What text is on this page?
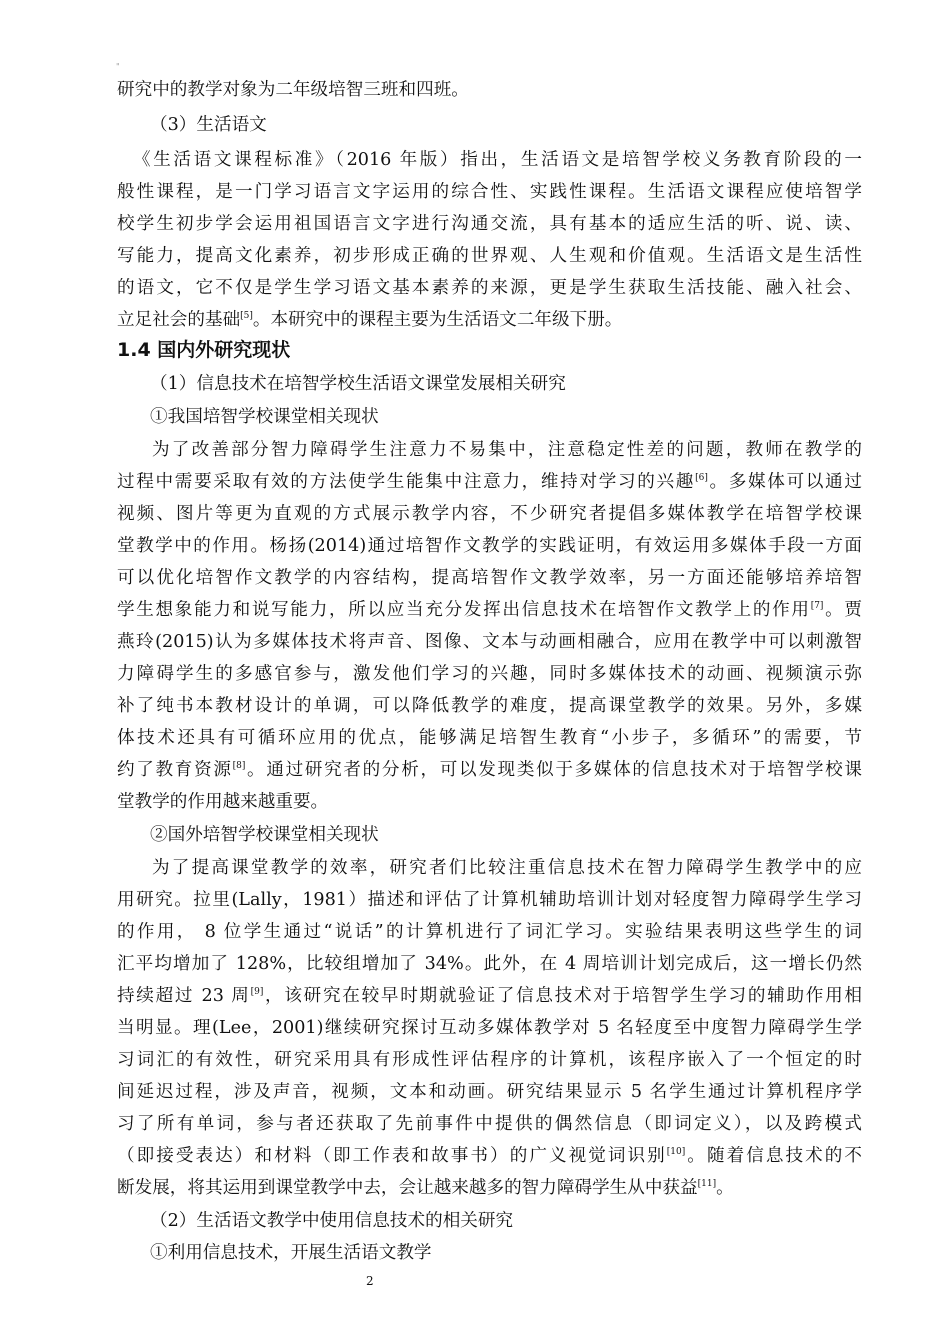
"
研究中的教学对象为二年级培智三班和四班。
（3）生活语文
《生活语文课程标准》（2016 年版）指出，生活语文是培智学校义务教育阶段的一
般性课程，是一门学习语言文字运用的综合性、实践性课程。生活语文课程应使培智学
校学生初步学会运用祖国语言文字进行沟通交流，具有基本的适应生活的听、说、读、
写能力，提高文化素养，初步形成正确的世界观、人生观和价值观。生活语文是生活性
的语文，它不仅是学生学习语文基本素养的来源，更是学生获取生活技能、融入社会、
立足社会的基础[5]。本研究中的课程主要为生活语文二年级下册。
1.4 国内外研究现状
（1）信息技术在培智学校生活语文课堂发展相关研究
①我国培智学校课堂相关现状
为了改善部分智力障碍学生注意力不易集中，注意稳定性差的问题，教师在教学的
过程中需要采取有效的方法使学生能集中注意力，维持对学习的兴趣[6]。多媒体可以通过
视频、图片等更为直观的方式展示教学内容，不少研究者提倡多媒体教学在培智学校课
堂教学中的作用。杨扬(2014)通过培智作文教学的实践证明，有效运用多媒体手段一方面
可以优化培智作文教学的内容结构，提高培智作文教学效率，另一方面还能够培养培智
学生想象能力和说写能力，所以应当充分发挥出信息技术在培智作文教学上的作用[7]。贾
燕玲(2015)认为多媒体技术将声音、图像、文本与动画相融合，应用在教学中可以刺激智
力障碍学生的多感官参与，激发他们学习的兴趣，同时多媒体技术的动画、视频演示弥
补了纯书本教材设计的单调，可以降低教学的难度，提高课堂教学的效果。另外，多媒
体技术还具有可循环应用的优点，能够满足培智生教育“小步子，多循环”的需要，节
约了教育资源[8]。通过研究者的分析，可以发现类似于多媒体的信息技术对于培智学校课
堂教学的作用越来越重要。
②国外培智学校课堂相关现状
为了提高课堂教学的效率，研究者们比较注重信息技术在智力障碍学生教学中的应
用研究。拉里(Lally，1981）描述和评估了计算机辅助培训计划对轻度智力障碍学生学习
的作用， 8 位学生通过“说话”的计算机进行了词汇学习。实验结果表明这些学生的词
汇平均增加了 128%，比较组增加了 34%。此外，在 4 周培训计划完成后，这一增长仍然
持续超过 23 周[9]，该研究在较早时期就验证了信息技术对于培智学生学习的辅助作用相
当明显。理(Lee，2001)继续研究探讨互动多媒体教学对 5 名轻度至中度智力障碍学生学
习词汇的有效性，研究采用具有形成性评估程序的计算机，该程序嵌入了一个恒定的时
间延迟过程，涉及声音，视频，文本和动画。研究结果显示 5 名学生通过计算机程序学
习了所有单词，参与者还获取了先前事件中提供的偶然信息（即词定义），以及跨模式
（即接受表达）和材料（即工作表和故事书）的广义视觉词识别[10]。随着信息技术的不
断发展，将其运用到课堂教学中去，会让越来越多的智力障碍学生从中获益[11]。
（2）生活语文教学中使用信息技术的相关研究
①利用信息技术，开展生活语文教学
2
